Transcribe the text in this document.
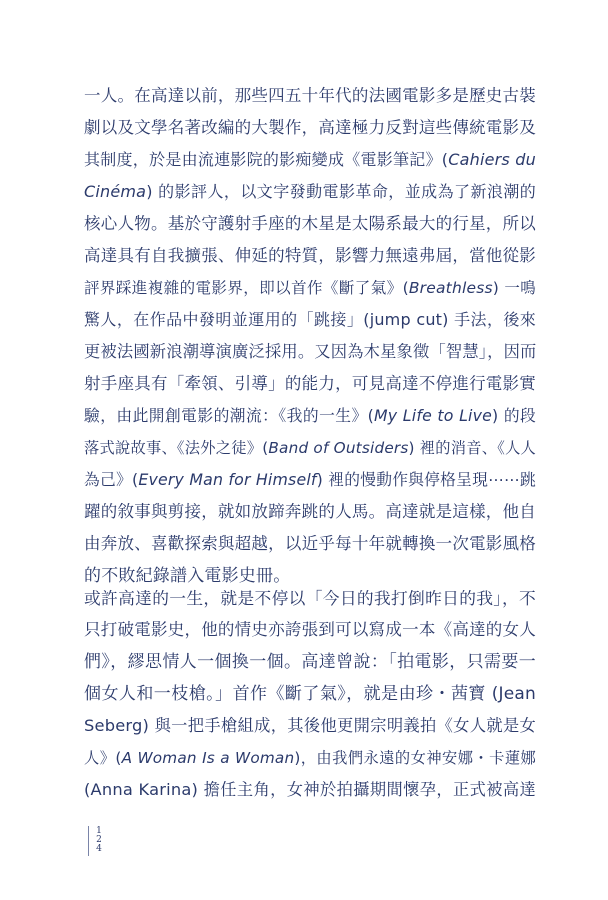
一人。在高達以前，那些四五十年代的法國電影多是歷史古裝
劇以及文學名著改編的大製作，高達極力反對這些傳統電影及
其制度，於是由流連影院的影痴變成《電影筆記》(Cahiers du
Cinéma) 的影評人，以文字發動電影革命，並成為了新浪潮的
核心人物。基於守護射手座的木星是太陽系最大的行星，所以
高達具有自我擴張、伸延的特質，影響力無遠弗屆，當他從影
評界踩進複雜的電影界，即以首作《斷了氣》(Breathless) 一鳴
驚人，在作品中發明並運用的「跳接」(jump cut) 手法，後來
更被法國新浪潮導演廣泛採用。又因為木星象徵「智慧」，因而
射手座具有「牽領、引導」的能力，可見高達不停進行電影實
驗，由此開創電影的潮流：《我的一生》(My Life to Live) 的段
落式說故事、《法外之徒》(Band of Outsiders) 裡的消音、《人人
為己》(Every Man for Himself) 裡的慢動作與停格呈現⋯⋯跳
躍的敘事與剪接，就如放蹄奔跳的人馬。高達就是這樣，他自
由奔放、喜歡探索與超越，以近乎每十年就轉換一次電影風格
的不敗紀錄譜入電影史冊。
或許高達的一生，就是不停以「今日的我打倒昨日的我」，不
只打破電影史，他的情史亦誇張到可以寫成一本《高達的女人
們》，繆思情人一個換一個。高達曾說：「拍電影，只需要一
個女人和一枝槍。」首作《斷了氣》，就是由珍・茜寶 (Jean
Seberg) 與一把手槍組成，其後他更開宗明義拍《女人就是女
人》(A Woman Is a Woman)，由我們永遠的女神安娜・卡蓮娜
(Anna Karina) 擔任主角，女神於拍攝期間懷孕，正式被高達
1
2
4
